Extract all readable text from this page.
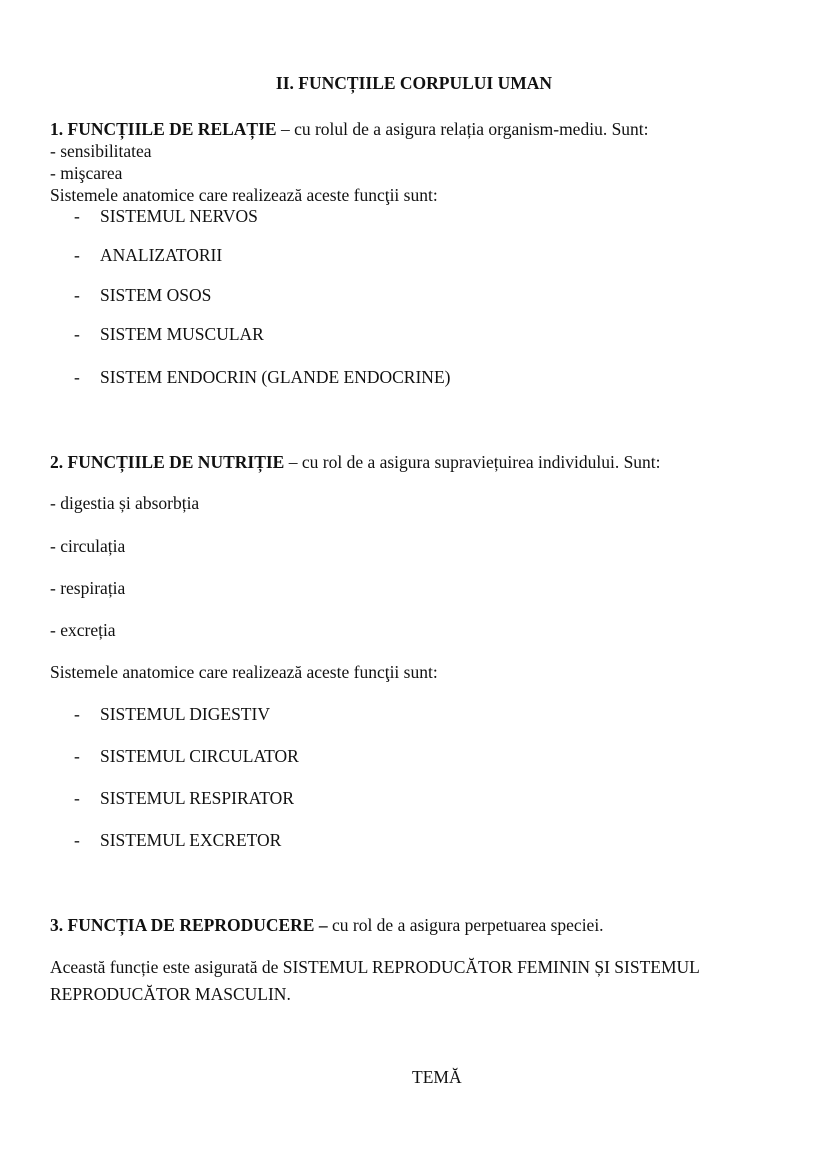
II. FUNCȚIILE CORPULUI UMAN
1. FUNCȚIILE DE RELAȚIE – cu rolul de a asigura relația organism-mediu. Sunt:
- sensibilitatea
- mişcarea
Sistemele anatomice care realizează aceste funcţii sunt:
- SISTEMUL NERVOS
- ANALIZATORII
- SISTEM OSOS
- SISTEM MUSCULAR
- SISTEM ENDOCRIN (GLANDE ENDOCRINE)
2. FUNCȚIILE DE NUTRIȚIE – cu rol de a asigura supraviețuirea individului. Sunt:
- digestia și absorbția
- circulația
- respirația
- excreția
Sistemele anatomice care realizează aceste funcţii sunt:
- SISTEMUL DIGESTIV
- SISTEMUL CIRCULATOR
- SISTEMUL RESPIRATOR
- SISTEMUL EXCRETOR
3. FUNCȚIA DE REPRODUCERE – cu rol de a asigura perpetuarea speciei.
Această funcție este asigurată de SISTEMUL REPRODUCĂTOR FEMININ ȘI SISTEMUL
REPRODUCĂTOR MASCULIN.
TEMĂ
